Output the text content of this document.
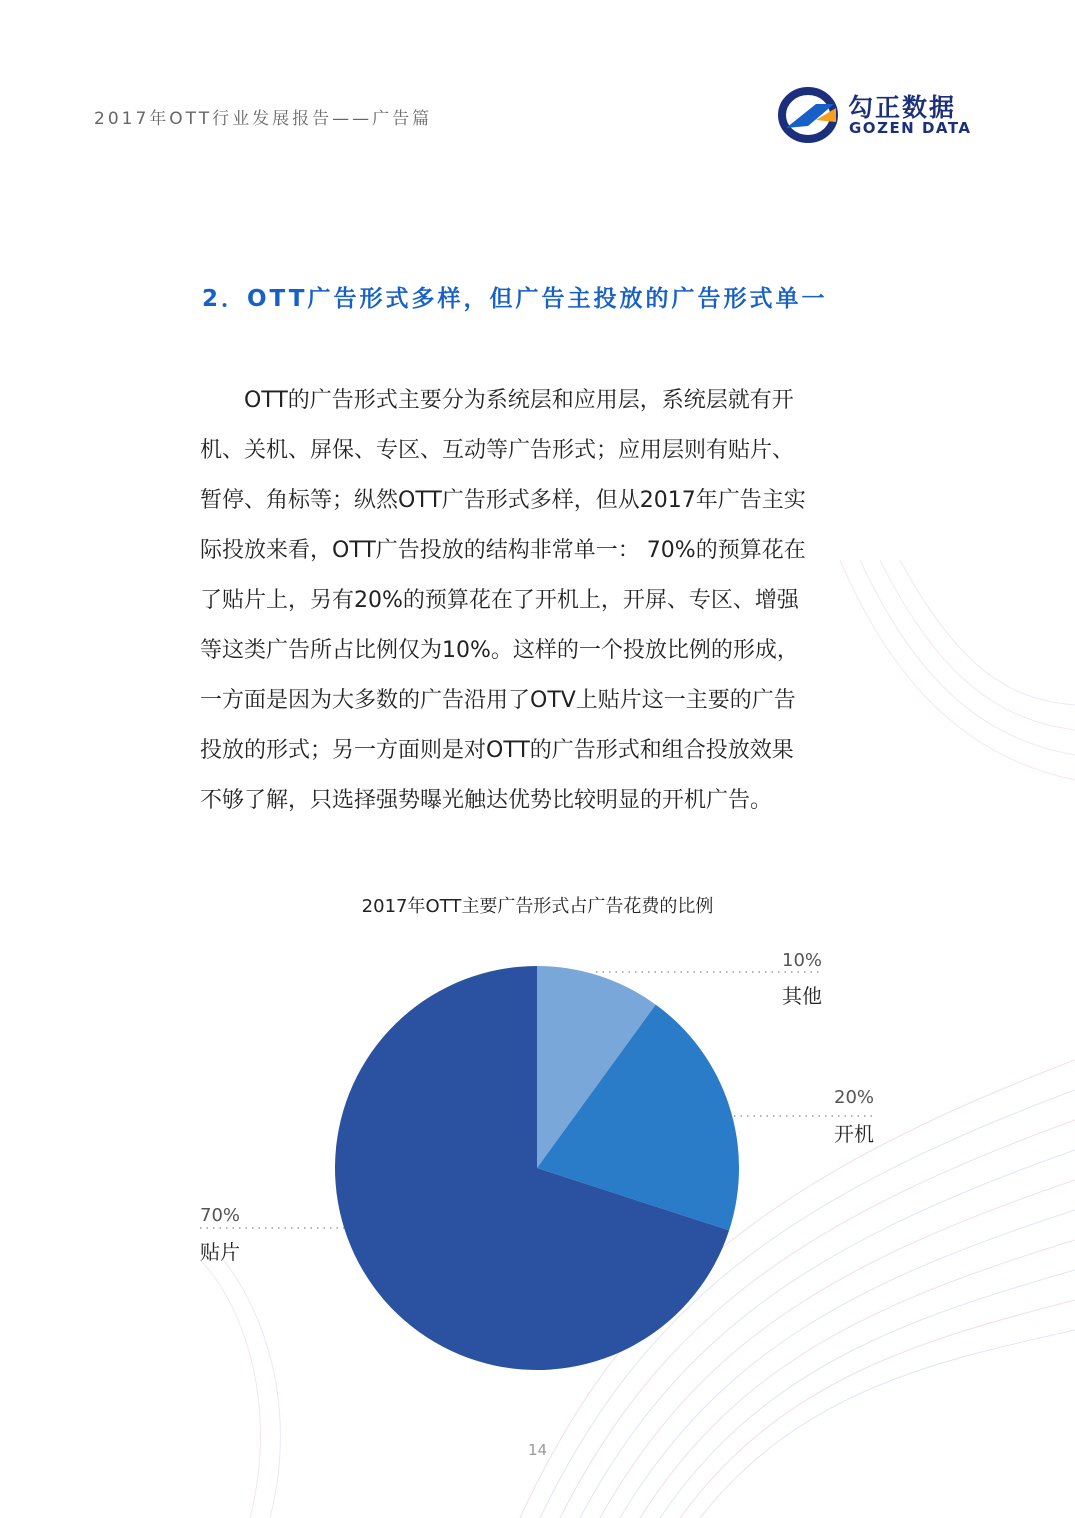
2017年OTT行业发展报告——广告篇	勾正数据
GOZEN DATA
2．OTT广告形式多样，但广告主投放的广告形式单一

　　OTT的广告形式主要分为系统层和应用层，系统层就有开

机、关机、屏保、专区、互动等广告形式；应用层则有贴片、

暂停、角标等；纵然OTT广告形式多样，但从2017年广告主实

际投放来看，OTT广告投放的结构非常单一： 70%的预算花在

了贴片上，另有20%的预算花在了开机上，开屏、专区、增强

等这类广告所占比例仅为10%。这样的一个投放比例的形成，

一方面是因为大多数的广告沿用了OTV上贴片这一主要的广告

投放的形式；另一方面则是对OTT的广告形式和组合投放效果

不够了解，只选择强势曝光触达优势比较明显的开机广告。

2017年OTT主要广告形式占广告花费的比例
10%
其他
20%
开机
70%
贴片
14
